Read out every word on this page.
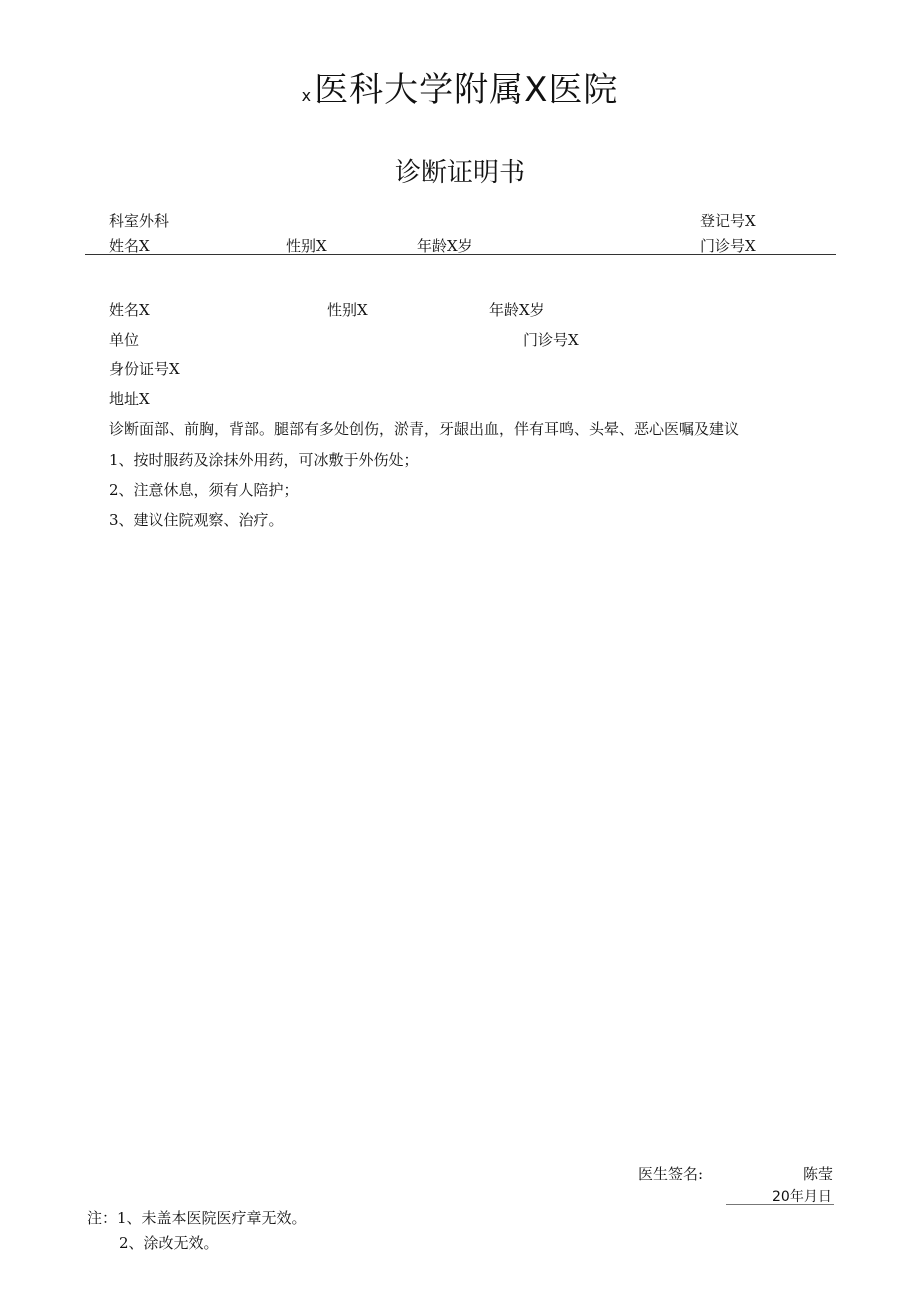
x医科大学附属X医院
诊断证明书
科室外科	登记号X
姓名X	性别X	年龄X岁	门诊号X
姓名X	性别X	年龄X岁
单位	门诊号X
身份证号X
地址X
诊断面部、前胸，背部。腿部有多处创伤，淤青，牙龈出血，伴有耳鸣、头晕、恶心医嘱及建议
1、按时服药及涂抹外用药，可冰敷于外伤处；
2、注意休息，须有人陪护；
3、建议住院观察、治疗。
医生签名:	陈莹
20年月日
注：1、未盖本医院医疗章无效。
2、涂改无效。
